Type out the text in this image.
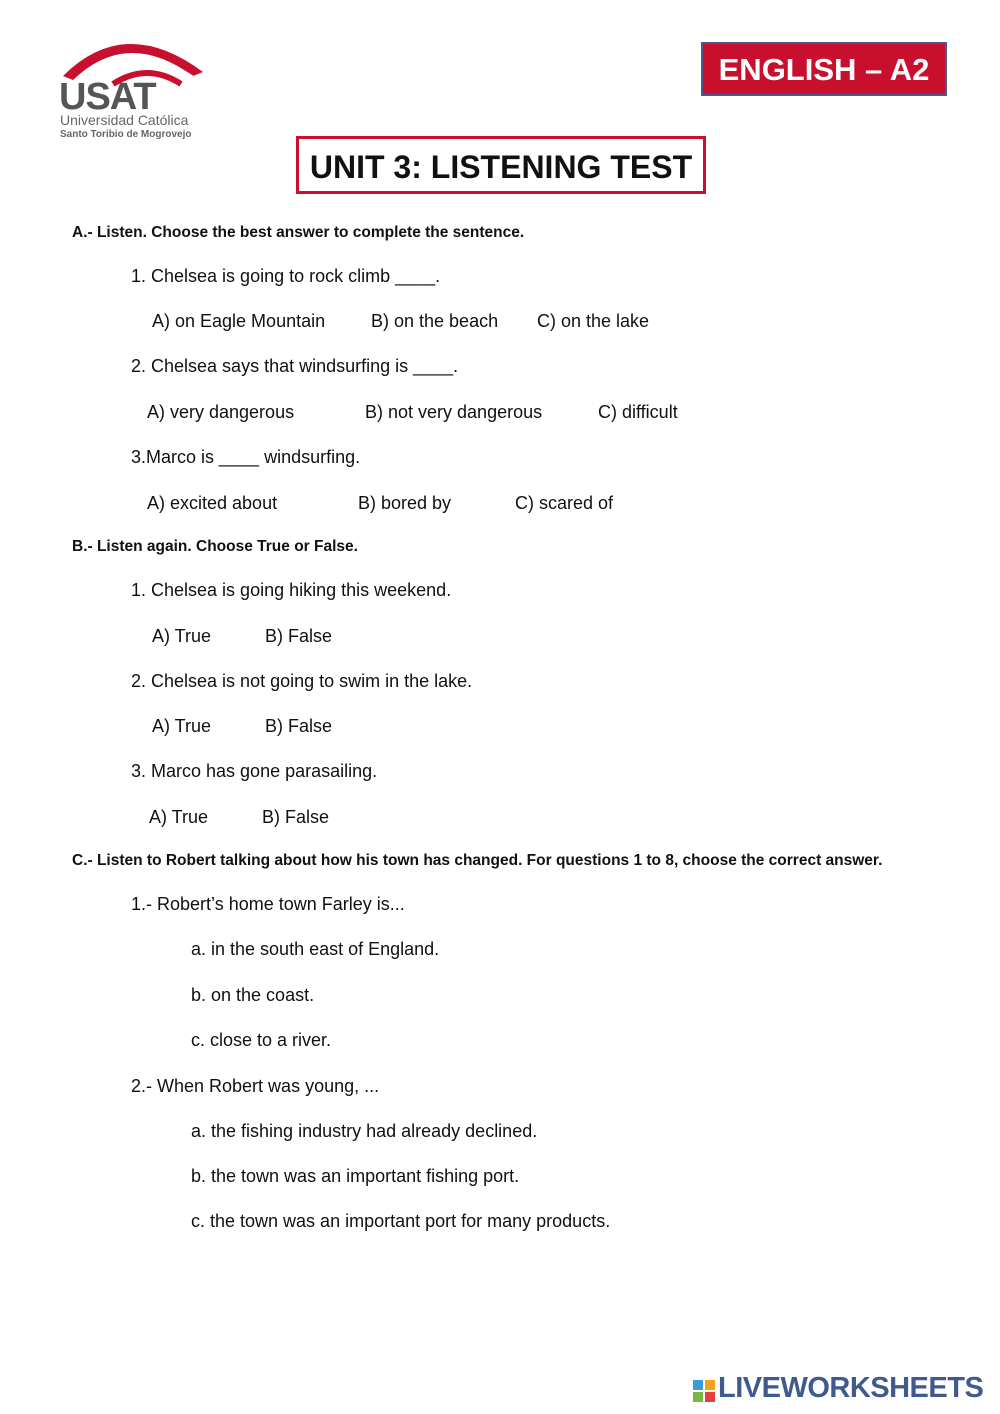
USAT
Universidad Católica
Santo Toribio de Mogrovejo
ENGLISH – A2
UNIT 3: LISTENING TEST
A.- Listen. Choose the best answer to complete the sentence.
1. Chelsea is going to rock climb ____.
A) on Eagle Mountain	B) on the beach C) on the lake
2. Chelsea says that windsurfing is ____.
A) very dangerous	B) not very dangerous	C) difficult
3.Marco is ____ windsurfing.
A) excited about	B) bored by	C) scared of
B.- Listen again. Choose True or False.
1. Chelsea is going hiking this weekend.
A) True	B) False
2. Chelsea is not going to swim in the lake.
A) True	B) False
3. Marco has gone parasailing.
A) True	B) False
C.- Listen to Robert talking about how his town has changed. For questions 1 to 8, choose the correct answer.
1.- Robert’s home town Farley is...
a. in the south east of England.
b. on the coast.
c. close to a river.
2.- When Robert was young, ...
a. the fishing industry had already declined.
b. the town was an important fishing port.
c. the town was an important port for many products.
LIVEWORKSHEETS
